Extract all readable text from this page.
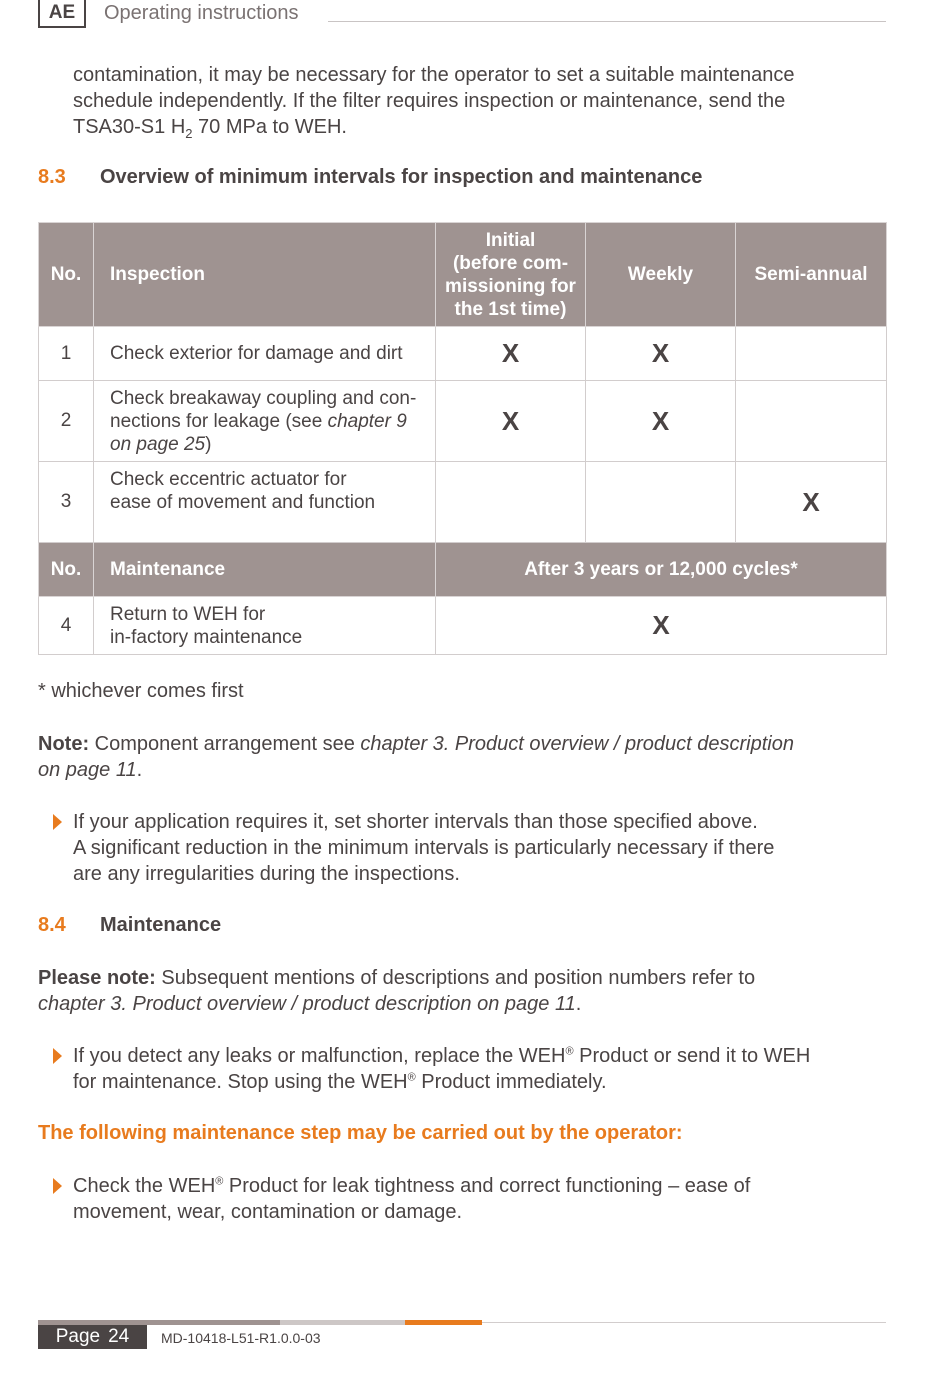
AE	Operating instructions
contamination, it may be necessary for the operator to set a suitable maintenance
schedule independently. If the filter requires inspection or maintenance, send the
TSA30-S1 $H_2$ 70 MPa to WEH.
8.3 Overview of minimum intervals for inspection and maintenance
No.	Inspection	Initial
(before com-
missioning for
the 1st time)	Weekly	Semi-annual
1	Check exterior for damage and dirt	X	X	
2	Check breakaway coupling and con-
nections for leakage (see chapter 9
on page 25)	X	X	
3	Check eccentric actuator for
ease of movement and function			X
No.	Maintenance	After 3 years or 12,000 cycles*		
4	Return to WEH for
in-factory maintenance	X		
* whichever comes first
Note: Component arrangement see chapter 3. Product overview / product description
on page 11.
If your application requires it, set shorter intervals than those specified above.
A significant reduction in the minimum intervals is particularly necessary if there
are any irregularities during the inspections.
8.4 Maintenance
Please note: Subsequent mentions of descriptions and position numbers refer to
chapter 3. Product overview / product description on page 11.
If you detect any leaks or malfunction, replace the WEH® Product or send it to WEH
for maintenance. Stop using the WEH® Product immediately.
The following maintenance step may be carried out by the operator:
Check the WEH® Product for leak tightness and correct functioning – ease of
movement, wear, contamination or damage.
Page 24 MD-10418-L51-R1.0.0-03
